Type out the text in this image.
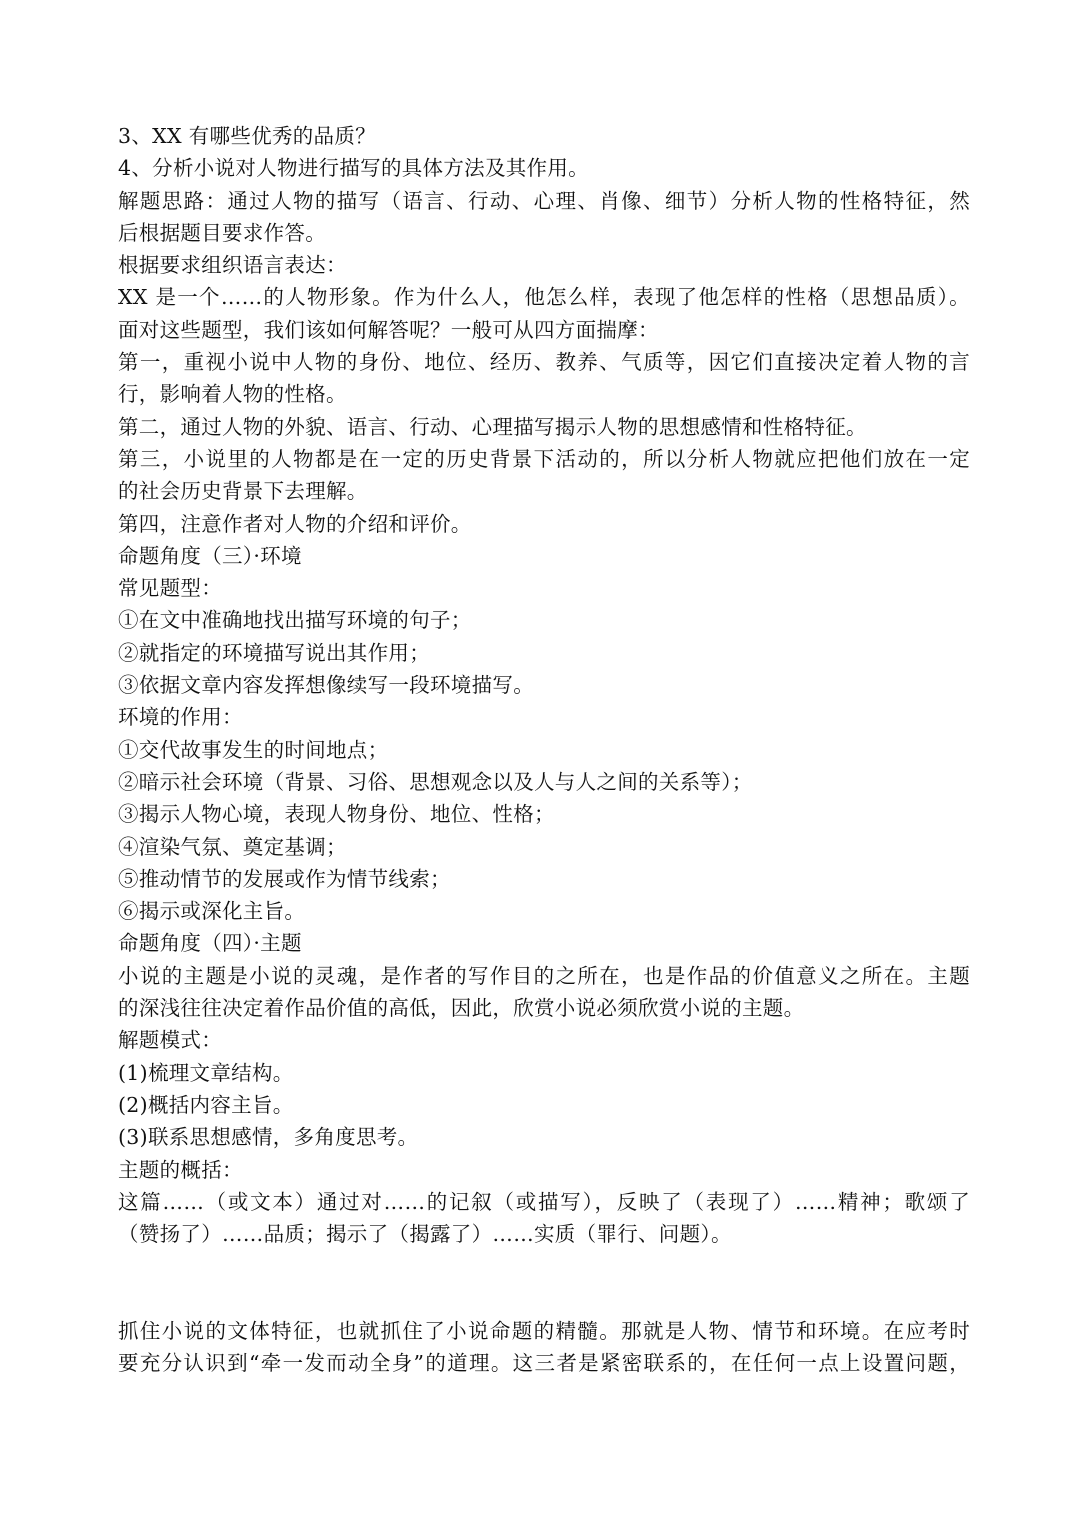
3、XX 有哪些优秀的品质？
4、分析小说对人物进行描写的具体方法及其作用。
解题思路：通过人物的描写（语言、行动、心理、肖像、细节）分析人物的性格特征，然
后根据题目要求作答。
根据要求组织语言表达：
XX 是一个……的人物形象。作为什么人，他怎么样，表现了他怎样的性格（思想品质）。
面对这些题型，我们该如何解答呢？一般可从四方面揣摩：
第一，重视小说中人物的身份、地位、经历、教养、气质等，因它们直接决定着人物的言
行，影响着人物的性格。
第二，通过人物的外貌、语言、行动、心理描写揭示人物的思想感情和性格特征。
第三，小说里的人物都是在一定的历史背景下活动的，所以分析人物就应把他们放在一定
的社会历史背景下去理解。
第四，注意作者对人物的介绍和评价。
命题角度（三）·环境
常见题型：
①在文中准确地找出描写环境的句子；
②就指定的环境描写说出其作用；
③依据文章内容发挥想像续写一段环境描写。
环境的作用：
①交代故事发生的时间地点；
②暗示社会环境（背景、习俗、思想观念以及人与人之间的关系等）；
③揭示人物心境，表现人物身份、地位、性格；
④渲染气氛、奠定基调；
⑤推动情节的发展或作为情节线索；
⑥揭示或深化主旨。
命题角度（四）·主题
小说的主题是小说的灵魂，是作者的写作目的之所在，也是作品的价值意义之所在。主题
的深浅往往决定着作品价值的高低，因此，欣赏小说必须欣赏小说的主题。
解题模式：
(1)梳理文章结构。
(2)概括内容主旨。
(3)联系思想感情，多角度思考。
主题的概括：
这篇……（或文本）通过对……的记叙（或描写），反映了（表现了）……精神；歌颂了
（赞扬了）……品质；揭示了（揭露了）……实质（罪行、问题）。
抓住小说的文体特征，也就抓住了小说命题的精髓。那就是人物、情节和环境。在应考时
要充分认识到“牵一发而动全身”的道理。这三者是紧密联系的，在任何一点上设置问题，
